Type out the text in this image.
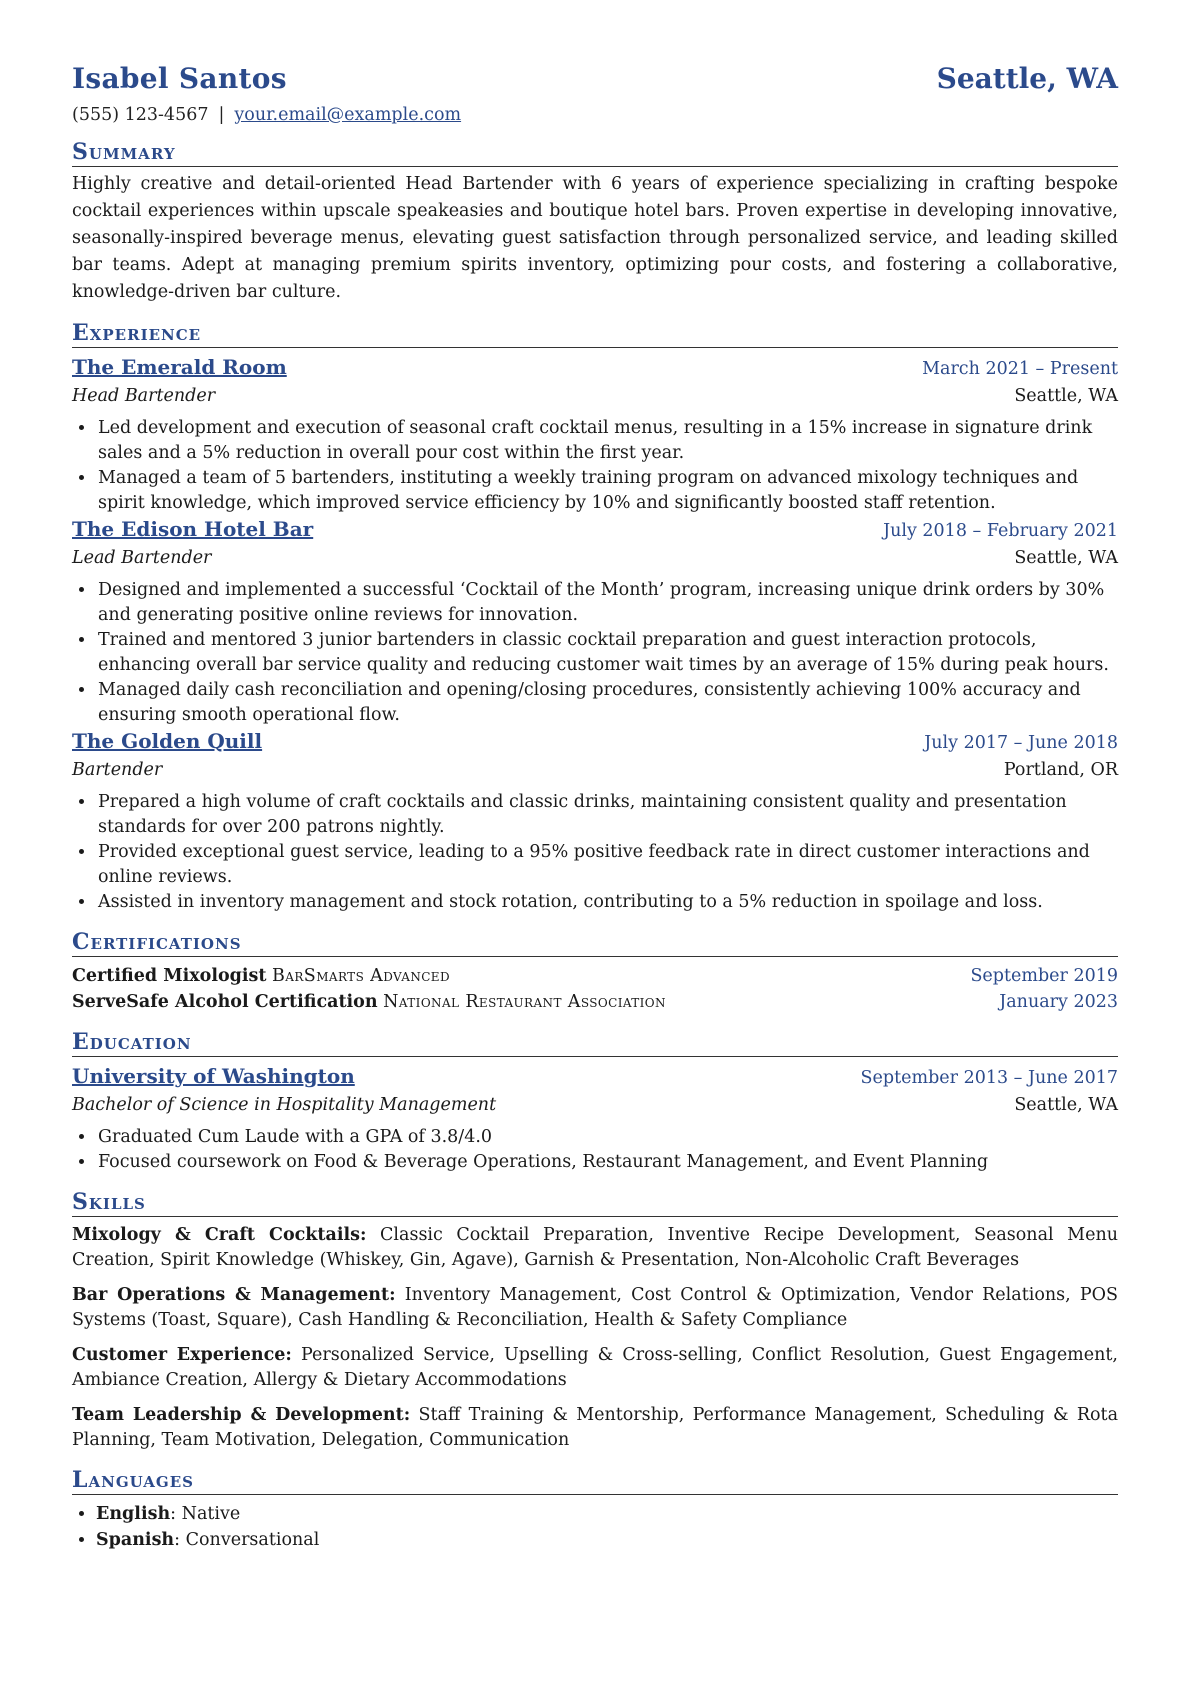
Isabel Santos	Seattle, WA
(555) 123-4567 | your.email@example.com
Summary
Highly creative and detail-oriented Head Bartender with 6 years of experience specializing in crafting bespoke cocktail experiences within upscale speakeasies and boutique hotel bars. Proven expertise in developing innovative, seasonally-inspired beverage menus, elevating guest satisfaction through personalized service, and leading skilled bar teams. Adept at managing premium spirits inventory, optimizing pour costs, and fostering a collaborative, knowledge-driven bar culture.
Experience
The Emerald Room	March 2021 – Present
Head Bartender	Seattle, WA
• Led development and execution of seasonal craft cocktail menus, resulting in a 15% increase in signature drink sales and a 5% reduction in overall pour cost within the first year.
• Managed a team of 5 bartenders, instituting a weekly training program on advanced mixology techniques and spirit knowledge, which improved service efficiency by 10% and significantly boosted staff retention.
The Edison Hotel Bar	July 2018 – February 2021
Lead Bartender	Seattle, WA
• Designed and implemented a successful ‘Cocktail of the Month’ program, increasing unique drink orders by 30% and generating positive online reviews for innovation.
• Trained and mentored 3 junior bartenders in classic cocktail preparation and guest interaction protocols, enhancing overall bar service quality and reducing customer wait times by an average of 15% during peak hours.
• Managed daily cash reconciliation and opening/closing procedures, consistently achieving 100% accuracy and ensuring smooth operational flow.
The Golden Quill	July 2017 – June 2018
Bartender	Portland, OR
• Prepared a high volume of craft cocktails and classic drinks, maintaining consistent quality and presentation standards for over 200 patrons nightly.
• Provided exceptional guest service, leading to a 95% positive feedback rate in direct customer interactions and online reviews.
• Assisted in inventory management and stock rotation, contributing to a 5% reduction in spoilage and loss.
Certifications
Certified Mixologist BarSmarts Advanced	September 2019
ServeSafe Alcohol Certification National Restaurant Association	January 2023
Education
University of Washington	September 2013 – June 2017
Bachelor of Science in Hospitality Management	Seattle, WA
• Graduated Cum Laude with a GPA of 3.8/4.0
• Focused coursework on Food & Beverage Operations, Restaurant Management, and Event Planning
Skills
Mixology & Craft Cocktails: Classic Cocktail Preparation, Inventive Recipe Development, Seasonal Menu Creation, Spirit Knowledge (Whiskey, Gin, Agave), Garnish & Presentation, Non-Alcoholic Craft Beverages
Bar Operations & Management: Inventory Management, Cost Control & Optimization, Vendor Relations, POS Systems (Toast, Square), Cash Handling & Reconciliation, Health & Safety Compliance
Customer Experience: Personalized Service, Upselling & Cross-selling, Conflict Resolution, Guest Engagement, Ambiance Creation, Allergy & Dietary Accommodations
Team Leadership & Development: Staff Training & Mentorship, Performance Management, Scheduling & Rota Planning, Team Motivation, Delegation, Communication
Languages
• English: Native
• Spanish: Conversational
